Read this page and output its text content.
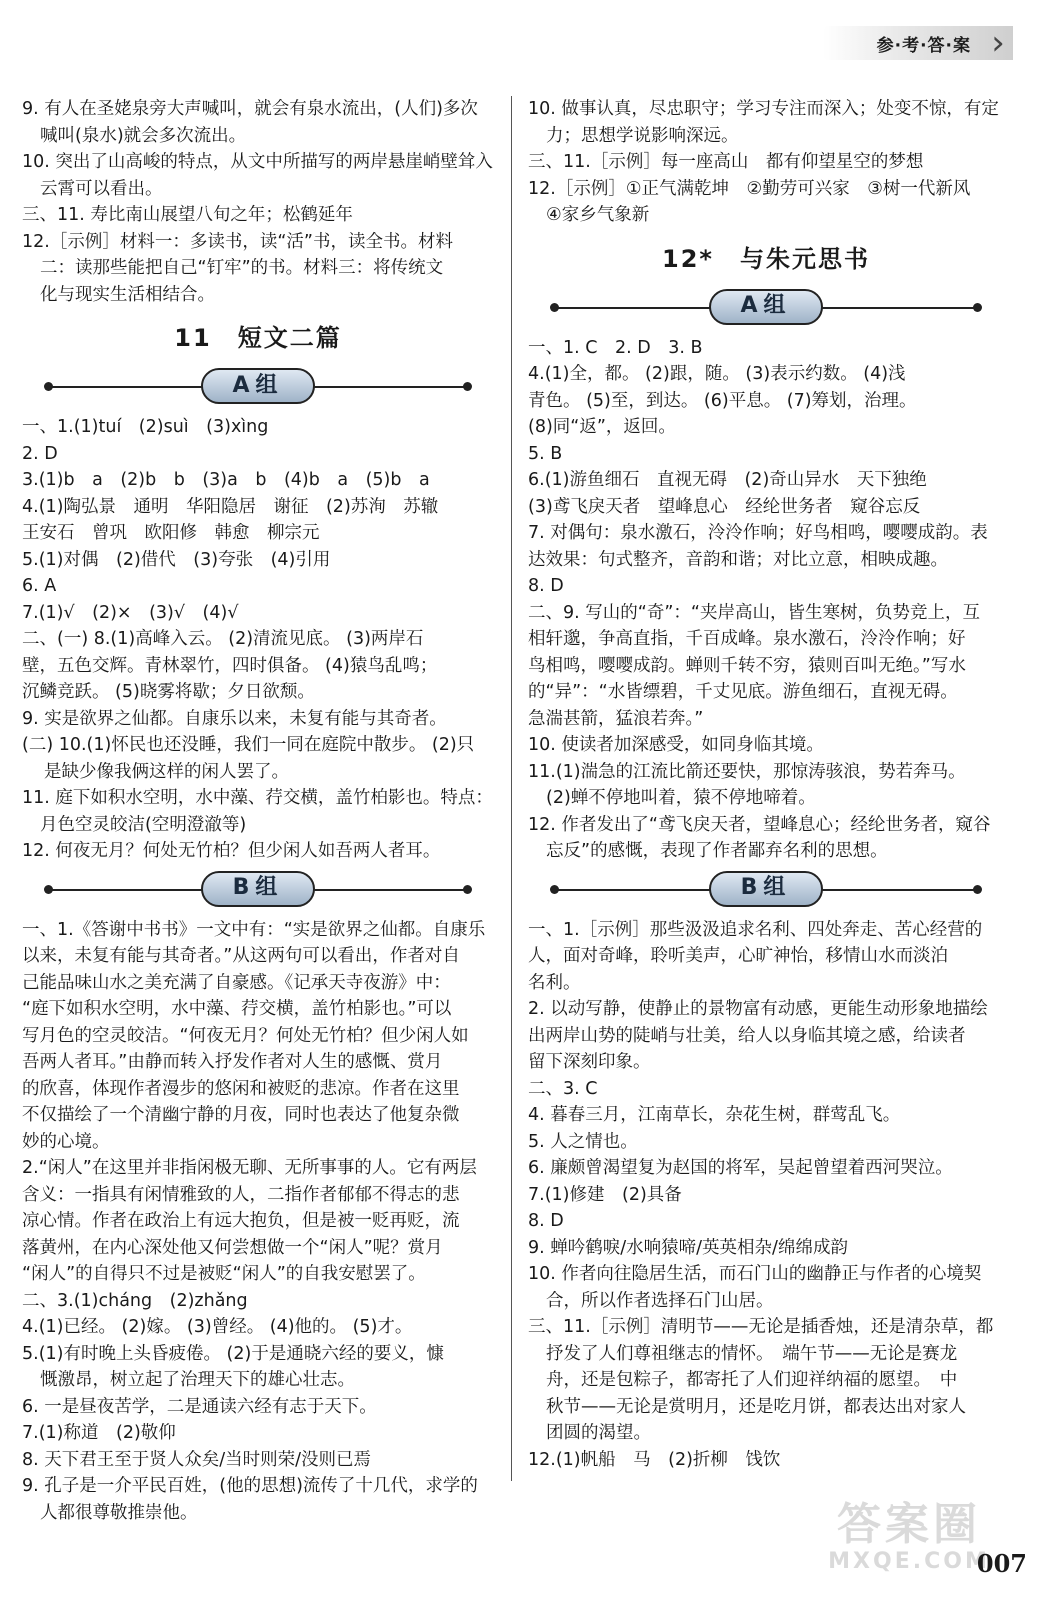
参·考·答·案 ›
9. 有人在圣姥泉旁大声喊叫，就会有泉水流出，(人们)多次
喊叫(泉水)就会多次流出。
10. 突出了山高峻的特点，从文中所描写的两岸悬崖峭壁耸入
云霄可以看出。
三、11. 寿比南山展望八旬之年；松鹤延年
12.［示例］材料一：多读书，读“活”书，读全书。材料
二：读那些能把自己“钉牢”的书。材料三：将传统文
化与现实生活相结合。
11　短文二篇
A组
一、1.(1)tuí　(2)suì　(3)xìng
2. D
3.(1)b　a　(2)b　b　(3)a　b　(4)b　a　(5)b　a
4.(1)陶弘景　通明　华阳隐居　谢征　(2)苏洵　苏辙
王安石　曾巩　欧阳修　韩愈　柳宗元
5.(1)对偶　(2)借代　(3)夸张　(4)引用
6. A
7.(1)√　(2)×　(3)√　(4)√
二、(一) 8.(1)高峰入云。 (2)清流见底。 (3)两岸石
壁，五色交辉。青林翠竹，四时俱备。 (4)猿鸟乱鸣；
沉鳞竞跃。 (5)晓雾将歇；夕日欲颓。
9. 实是欲界之仙都。自康乐以来，未复有能与其奇者。
(二) 10.(1)怀民也还没睡，我们一同在庭院中散步。 (2)只
是缺少像我俩这样的闲人罢了。
11. 庭下如积水空明，水中藻、荇交横，盖竹柏影也。特点：
月色空灵皎洁(空明澄澈等)
12. 何夜无月？何处无竹柏？但少闲人如吾两人者耳。
B组
一、1.《答谢中书书》一文中有：“实是欲界之仙都。自康乐
以来，未复有能与其奇者。”从这两句可以看出，作者对自
己能品味山水之美充满了自豪感。《记承天寺夜游》中：
“庭下如积水空明，水中藻、荇交横，盖竹柏影也。”可以
写月色的空灵皎洁。“何夜无月？何处无竹柏？但少闲人如
吾两人者耳。”由静而转入抒发作者对人生的感慨、赏月
的欣喜，体现作者漫步的悠闲和被贬的悲凉。作者在这里
不仅描绘了一个清幽宁静的月夜，同时也表达了他复杂微
妙的心境。
2.“闲人”在这里并非指闲极无聊、无所事事的人。它有两层
含义：一指具有闲情雅致的人，二指作者郁郁不得志的悲
凉心情。作者在政治上有远大抱负，但是被一贬再贬，流
落黄州，在内心深处他又何尝想做一个“闲人”呢？赏月
“闲人”的自得只不过是被贬“闲人”的自我安慰罢了。
二、3.(1)cháng　(2)zhǎng
4.(1)已经。 (2)嫁。 (3)曾经。 (4)他的。 (5)才。
5.(1)有时晚上头昏疲倦。 (2)于是通晓六经的要义，慷
慨激昂，树立起了治理天下的雄心壮志。
6. 一是昼夜苦学，二是通读六经有志于天下。
7.(1)称道　(2)敬仰
8. 天下君王至于贤人众矣/当时则荣/没则已焉
9. 孔子是一介平民百姓，(他的思想)流传了十几代，求学的
人都很尊敬推崇他。
10. 做事认真，尽忠职守；学习专注而深入；处变不惊，有定
力；思想学说影响深远。
三、11.［示例］每一座高山　都有仰望星空的梦想
12.［示例］①正气满乾坤　②勤劳可兴家　③树一代新风
④家乡气象新
12*　与朱元思书
A组
一、1. C　2. D　3. B
4.(1)全，都。 (2)跟，随。 (3)表示约数。 (4)浅
青色。 (5)至，到达。 (6)平息。 (7)筹划，治理。
(8)同“返”，返回。
5. B
6.(1)游鱼细石　直视无碍　(2)奇山异水　天下独绝
(3)鸢飞戾天者　望峰息心　经纶世务者　窥谷忘反
7. 对偶句：泉水激石，泠泠作响；好鸟相鸣，嘤嘤成韵。表
达效果：句式整齐，音韵和谐；对比立意，相映成趣。
8. D
二、9. 写山的“奇”：“夹岸高山，皆生寒树，负势竞上，互
相轩邈，争高直指，千百成峰。泉水激石，泠泠作响；好
鸟相鸣，嘤嘤成韵。蝉则千转不穷，猿则百叫无绝。”写水
的“异”：“水皆缥碧，千丈见底。游鱼细石，直视无碍。
急湍甚箭，猛浪若奔。”
10. 使读者加深感受，如同身临其境。
11.(1)湍急的江流比箭还要快，那惊涛骇浪，势若奔马。
(2)蝉不停地叫着，猿不停地啼着。
12. 作者发出了“鸢飞戾天者，望峰息心；经纶世务者，窥谷
忘反”的感慨，表现了作者鄙弃名利的思想。
B组
一、1.［示例］那些汲汲追求名利、四处奔走、苦心经营的
人，面对奇峰，聆听美声，心旷神怡，移情山水而淡泊
名利。
2. 以动写静，使静止的景物富有动感，更能生动形象地描绘
出两岸山势的陡峭与壮美，给人以身临其境之感，给读者
留下深刻印象。
二、3. C
4. 暮春三月，江南草长，杂花生树，群莺乱飞。
5. 人之情也。
6. 廉颇曾渴望复为赵国的将军，吴起曾望着西河哭泣。
7.(1)修建　(2)具备
8. D
9. 蝉吟鹤唳/水响猿啼/英英相杂/绵绵成韵
10. 作者向往隐居生活，而石门山的幽静正与作者的心境契
合，所以作者选择石门山居。
三、11.［示例］清明节——无论是插香烛，还是清杂草，都
抒发了人们尊祖继志的情怀。　端午节——无论是赛龙
舟，还是包粽子，都寄托了人们迎祥纳福的愿望。　中
秋节——无论是赏明月，还是吃月饼，都表达出对家人
团圆的渴望。
12.(1)帆船　马　(2)折柳　饯饮
答案圈
MXQE.COM
007
